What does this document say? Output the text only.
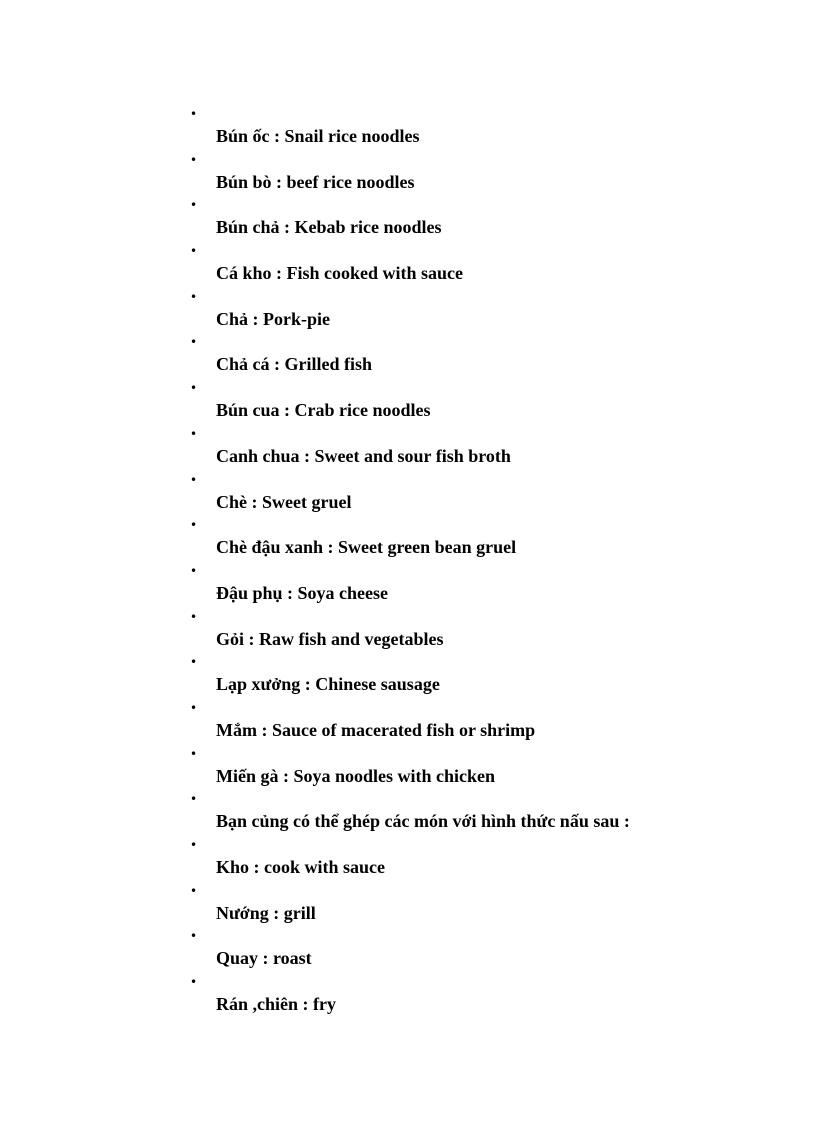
•
Bún ốc : Snail rice noodles
•
Bún bò : beef rice noodles
•
Bún chả : Kebab rice noodles
•
Cá kho : Fish cooked with sauce
•
Chả : Pork-pie
•
Chả cá : Grilled fish
•
Bún cua : Crab rice noodles
•
Canh chua : Sweet and sour fish broth
•
Chè : Sweet gruel
•
Chè đậu xanh : Sweet green bean gruel
•
Đậu phụ : Soya cheese
•
Gỏi : Raw fish and vegetables
•
Lạp xưởng : Chinese sausage
•
Mắm : Sauce of macerated fish or shrimp
•
Miến gà : Soya noodles with chicken
•
Bạn củng có thể ghép các món với hình thức nấu sau :
•
Kho : cook with sauce
•
Nướng : grill
•
Quay : roast
•
Rán ,chiên : fry
